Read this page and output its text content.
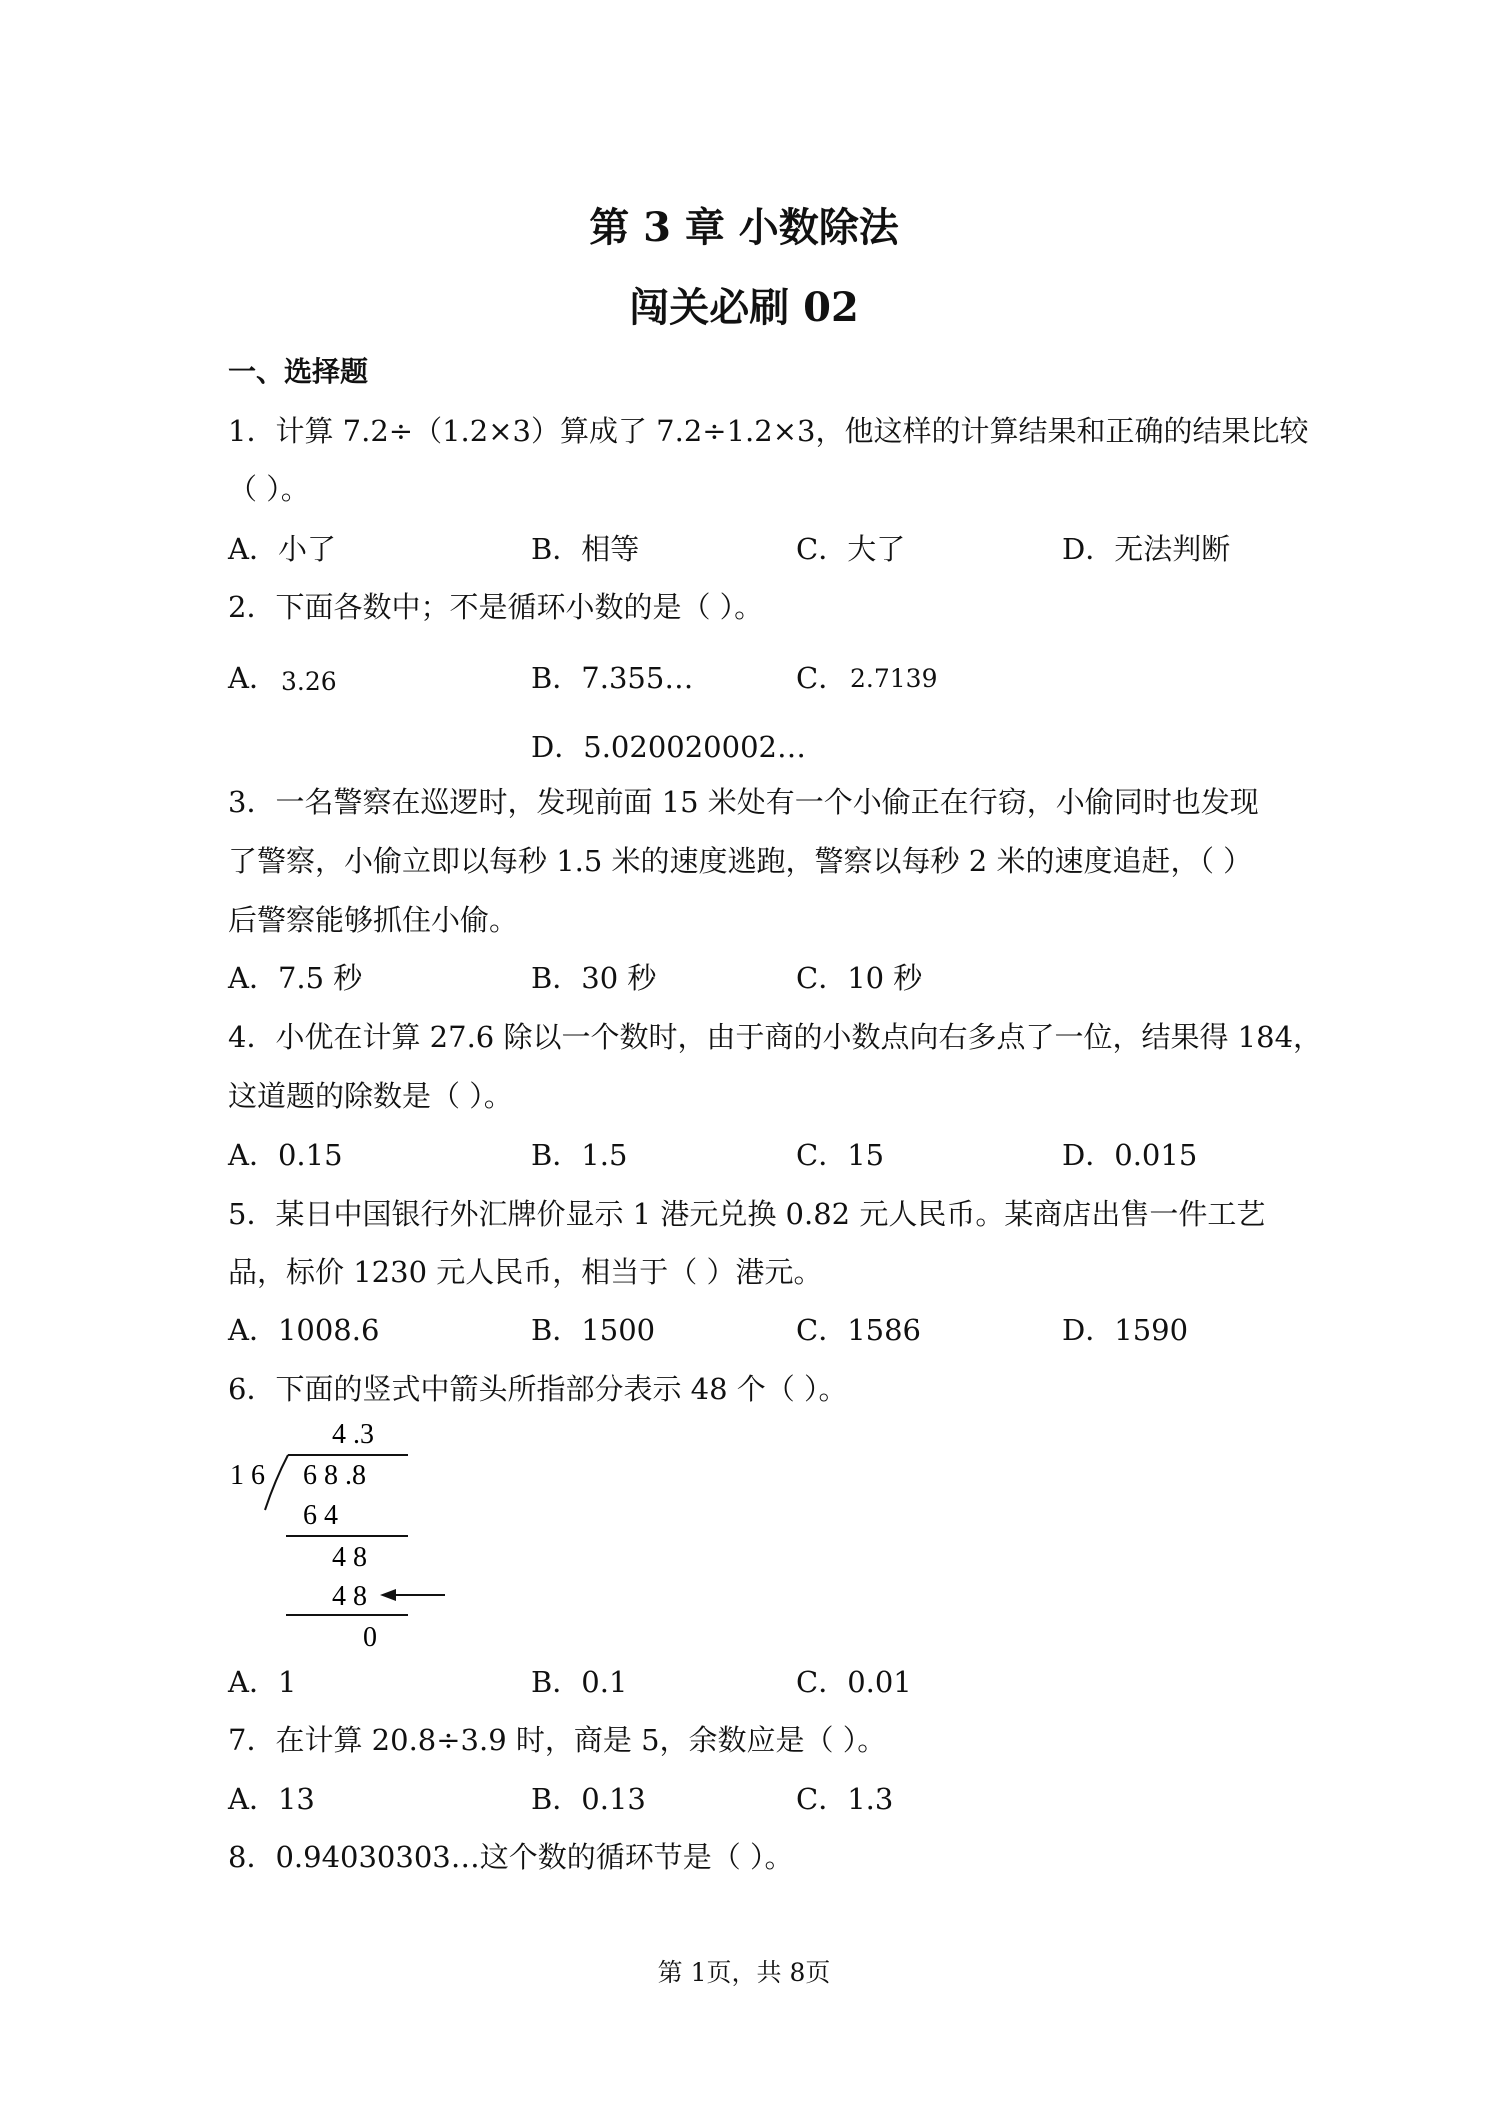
第 3 章 小数除法
闯关必刷 02
一、选择题
1．计算 7.2÷（1.2×3）算成了 7.2÷1.2×3，他这样的计算结果和正确的结果比较
（ ）。
A．小了	B．相等	C．大了	D．无法判断
2．下面各数中；不是循环小数的是（ ）。
A． 3.26	B．7.355…	C． 2.7139
D．5.020020002…
3．一名警察在巡逻时，发现前面 15 米处有一个小偷正在行窃，小偷同时也发现
了警察，小偷立即以每秒 1.5 米的速度逃跑，警察以每秒 2 米的速度追赶，（ ）
后警察能够抓住小偷。
A．7.5 秒	B．30 秒	C．10 秒
4．小优在计算 27.6 除以一个数时，由于商的小数点向右多点了一位，结果得 184，
这道题的除数是（ ）。
A．0.15	B．1.5	C．15	D．0.015
5．某日中国银行外汇牌价显示 1 港元兑换 0.82 元人民币。某商店出售一件工艺
品，标价 1230 元人民币，相当于（ ）港元。
A．1008.6	B．1500	C．1586	D．1590
6．下面的竖式中箭头所指部分表示 48 个（ ）。
4 .3
1 6 6 8 .8
6 4
4 8
4 8
0
A．1	B．0.1	C．0.01
7．在计算 20.8÷3.9 时，商是 5，余数应是（ ）。
A．13	B．0.13	C．1.3
8．0.94030303…这个数的循环节是（ ）。
第 1页，共 8页
